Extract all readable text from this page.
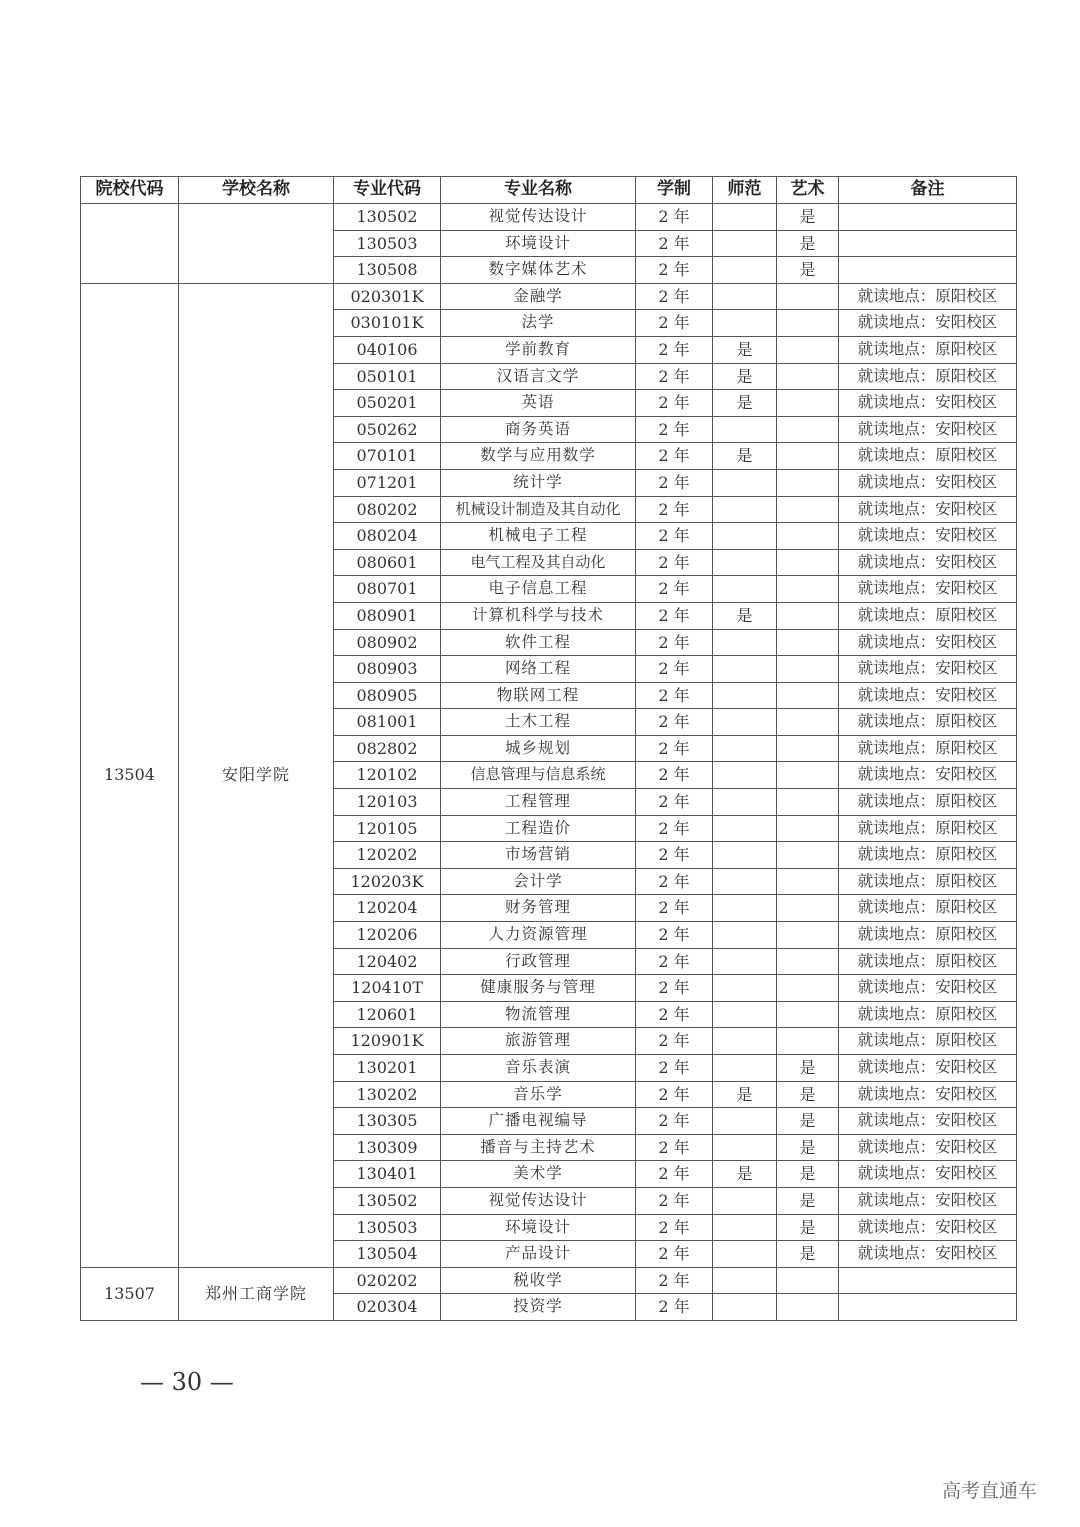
院校代码	学校名称	专业代码	专业名称	学制	师范	艺术	备注
		130502	视觉传达设计	2 年		是	
		130503	环境设计	2 年		是	
		130508	数字媒体艺术	2 年		是	
13504	安阳学院	020301K	金融学	2 年			就读地点：原阳校区
		030101K	法学	2 年			就读地点：安阳校区
		040106	学前教育	2 年	是		就读地点：原阳校区
		050101	汉语言文学	2 年	是		就读地点：原阳校区
		050201	英语	2 年	是		就读地点：安阳校区
		050262	商务英语	2 年			就读地点：安阳校区
		070101	数学与应用数学	2 年	是		就读地点：原阳校区
		071201	统计学	2 年			就读地点：安阳校区
		080202	机械设计制造及其自动化	2 年			就读地点：安阳校区
		080204	机械电子工程	2 年			就读地点：安阳校区
		080601	电气工程及其自动化	2 年			就读地点：安阳校区
		080701	电子信息工程	2 年			就读地点：安阳校区
		080901	计算机科学与技术	2 年	是		就读地点：原阳校区
		080902	软件工程	2 年			就读地点：安阳校区
		080903	网络工程	2 年			就读地点：安阳校区
		080905	物联网工程	2 年			就读地点：安阳校区
		081001	土木工程	2 年			就读地点：原阳校区
		082802	城乡规划	2 年			就读地点：原阳校区
		120102	信息管理与信息系统	2 年			就读地点：安阳校区
		120103	工程管理	2 年			就读地点：原阳校区
		120105	工程造价	2 年			就读地点：原阳校区
		120202	市场营销	2 年			就读地点：原阳校区
		120203K	会计学	2 年			就读地点：原阳校区
		120204	财务管理	2 年			就读地点：原阳校区
		120206	人力资源管理	2 年			就读地点：原阳校区
		120402	行政管理	2 年			就读地点：原阳校区
		120410T	健康服务与管理	2 年			就读地点：安阳校区
		120601	物流管理	2 年			就读地点：原阳校区
		120901K	旅游管理	2 年			就读地点：原阳校区
		130201	音乐表演	2 年		是	就读地点：安阳校区
		130202	音乐学	2 年	是	是	就读地点：安阳校区
		130305	广播电视编导	2 年		是	就读地点：安阳校区
		130309	播音与主持艺术	2 年		是	就读地点：安阳校区
		130401	美术学	2 年	是	是	就读地点：安阳校区
		130502	视觉传达设计	2 年		是	就读地点：安阳校区
		130503	环境设计	2 年		是	就读地点：安阳校区
		130504	产品设计	2 年		是	就读地点：安阳校区
13507	郑州工商学院	020202	税收学	2 年			
		020304	投资学	2 年			
— 30 —
高考直通车
